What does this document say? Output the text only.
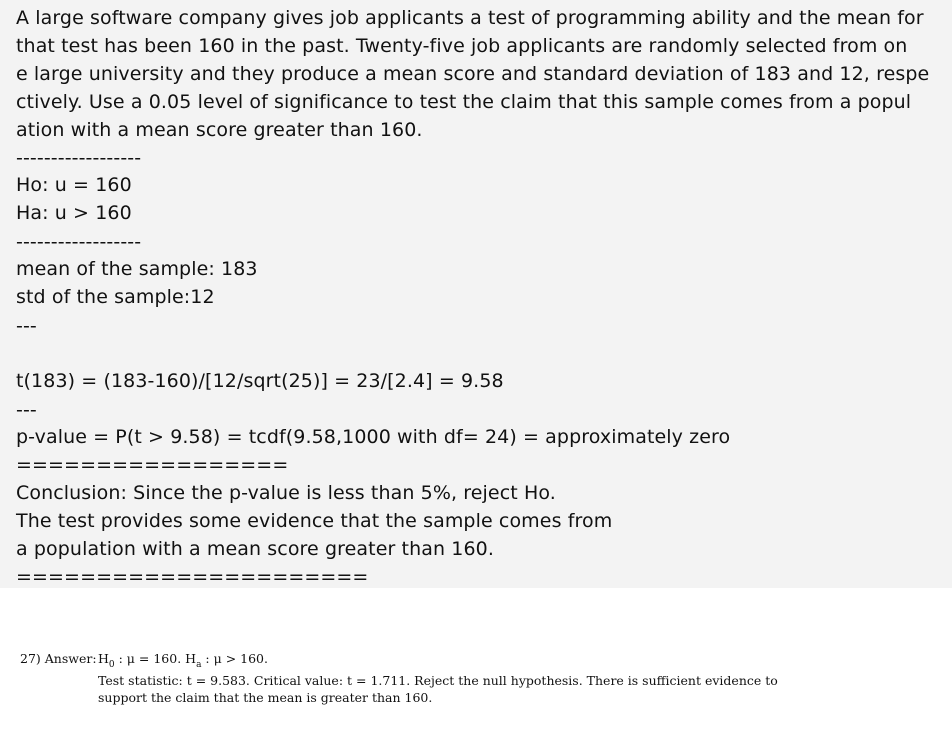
A large software company gives job applicants a test of programming ability and the mean for

that test has been 160 in the past. Twenty-five job applicants are randomly selected from on

e large university and they produce a mean score and standard deviation of 183 and 12, respe

ctively. Use a 0.05 level of significance to test the claim that this sample comes from a popul

ation with a mean score greater than 160.

------------------

Ho: u = 160

Ha: u > 160

------------------

mean of the sample: 183

std of the sample:12

---

t(183) = (183-160)/[12/sqrt(25)] = 23/[2.4] = 9.58

---

p-value = P(t > 9.58) = tcdf(9.58,1000 with df= 24) = approximately zero

=================

Conclusion: Since the p-value is less than 5%, reject Ho.

The test provides some evidence that the sample comes from

a population with a mean score greater than 160.

======================

27) $Answer:H_0$ : μ = 160. $H_a$ : μ > 160.
Test statistic: t = 9.583. Critical value: t = 1.711. Reject the null hypothesis. There is sufficient evidence to
support the claim that the mean is greater than 160.
